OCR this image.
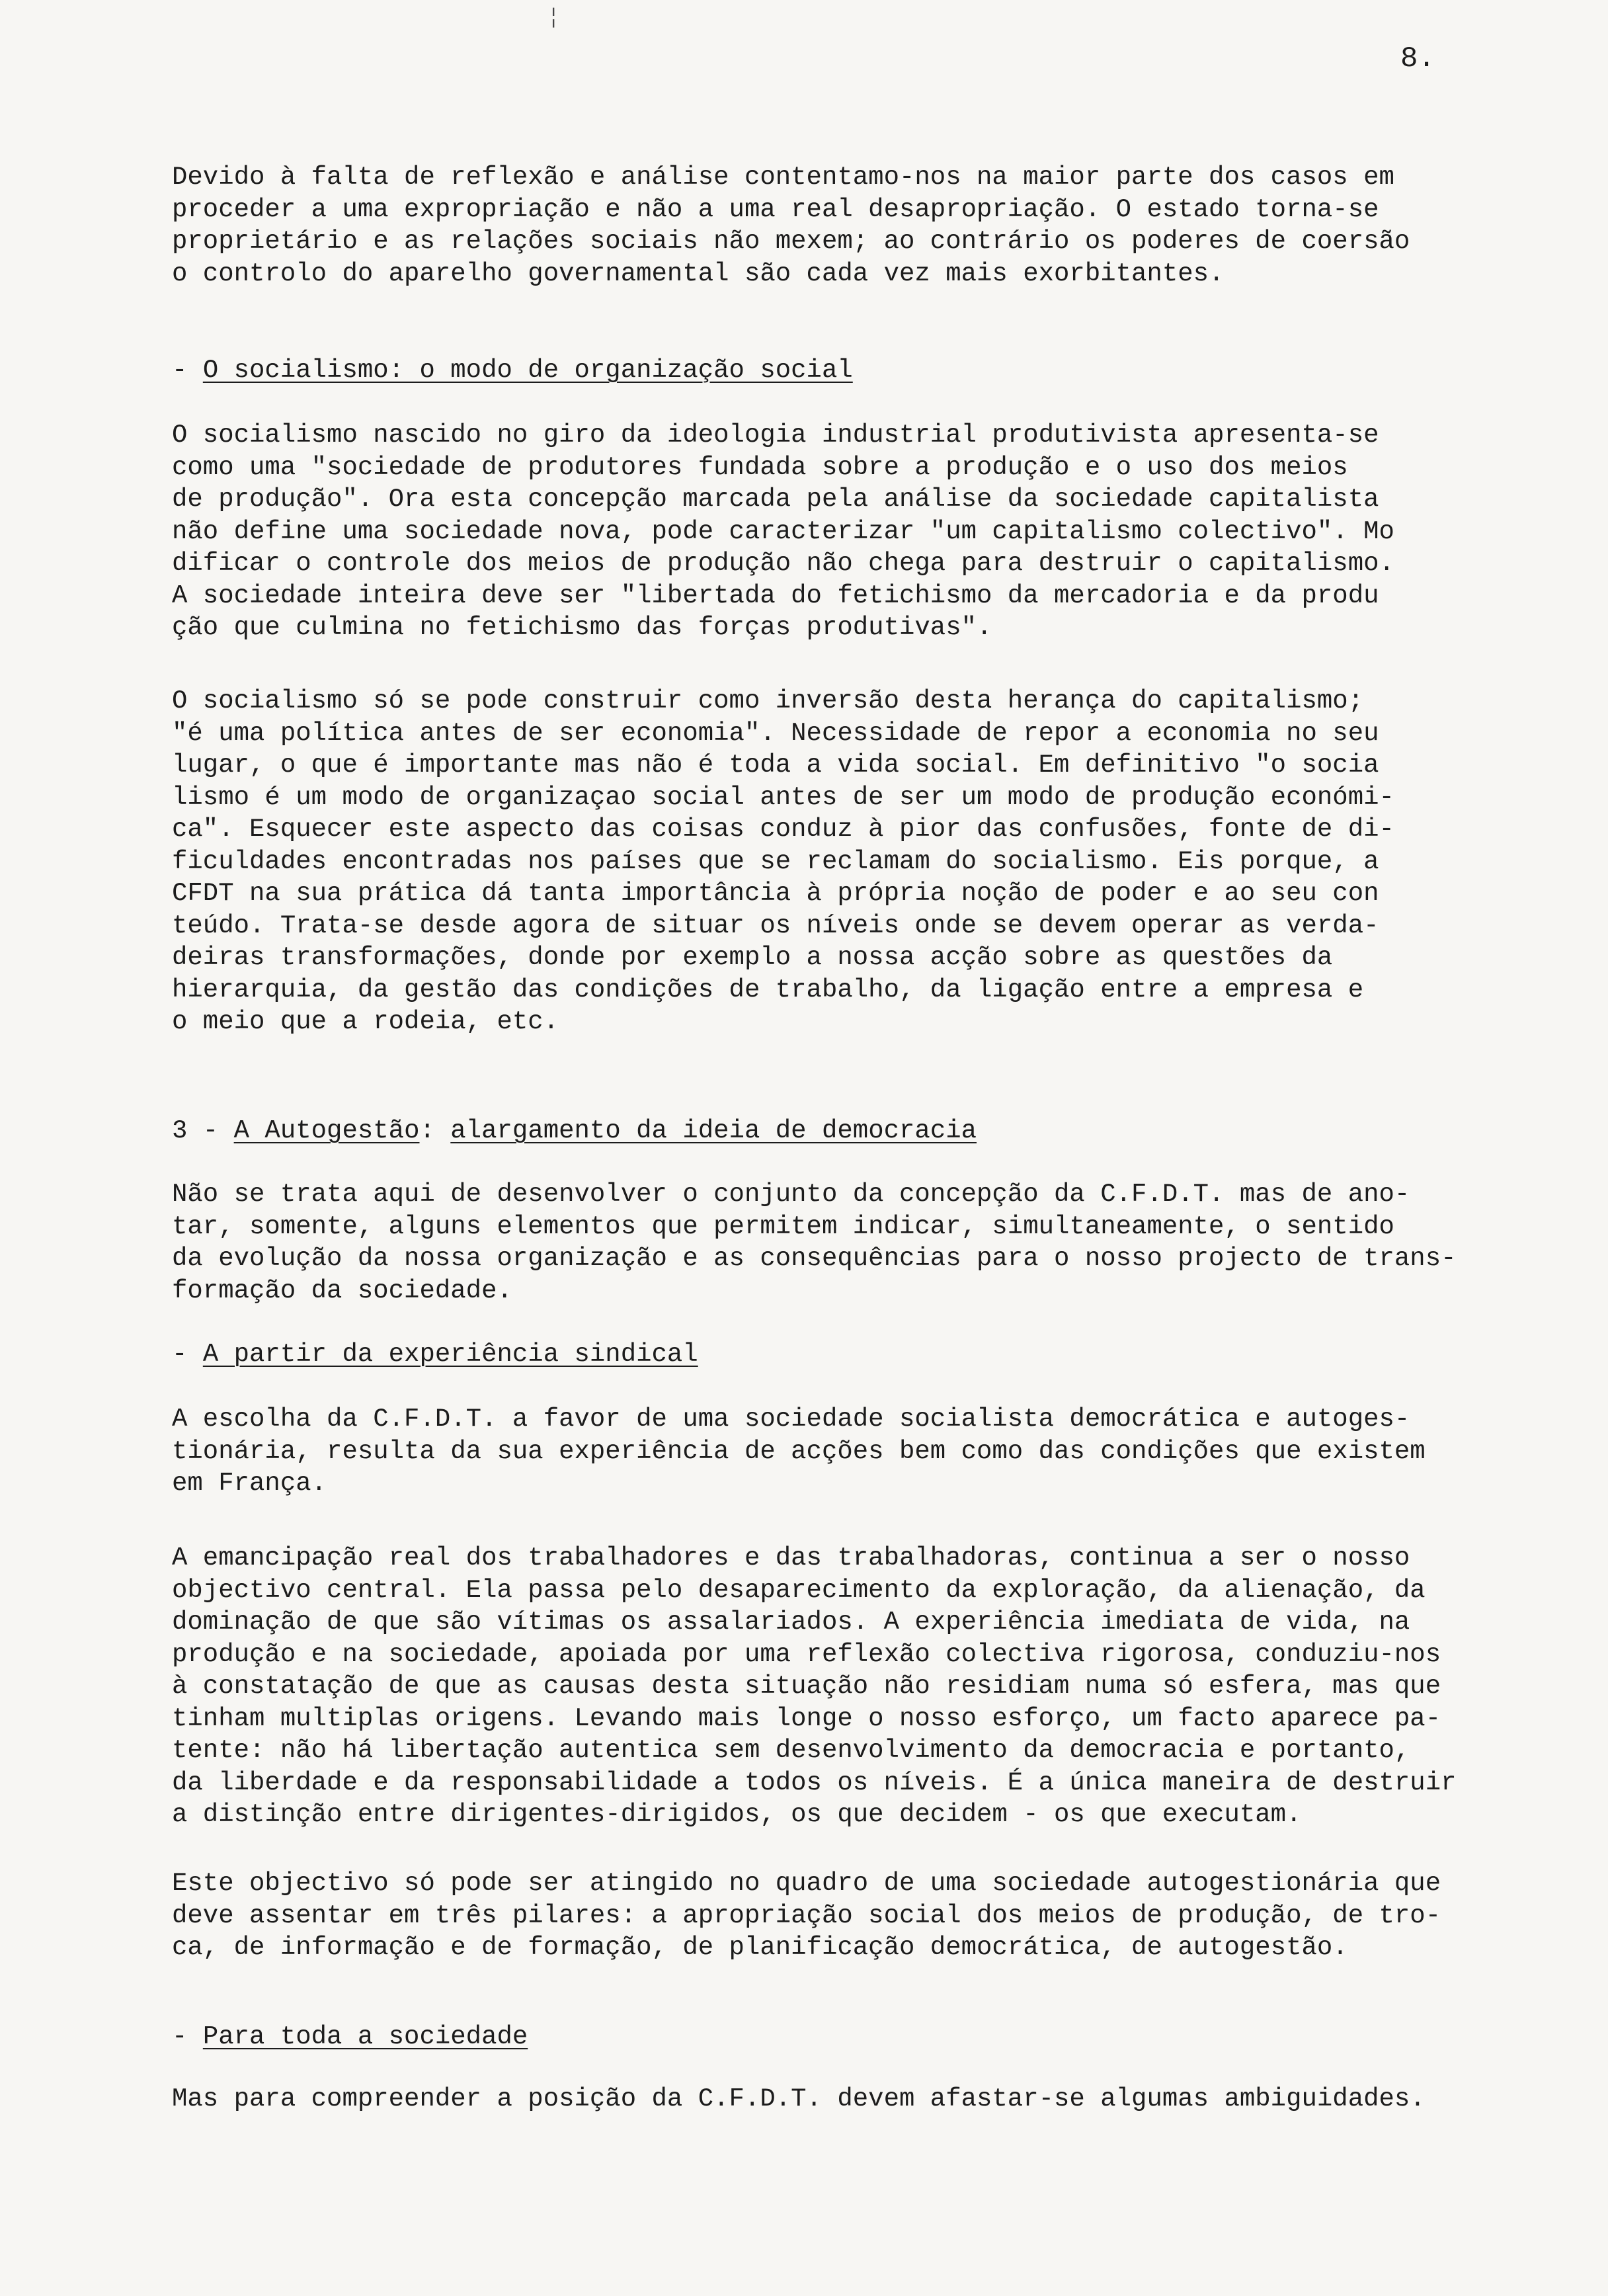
8.
╎

Devido à falta de reflexão e análise contentamo-nos na maior parte dos casos em

proceder a uma expropriação e não a uma real desapropriação. O estado torna-se

proprietário e as relações sociais não mexem; ao contrário os poderes de coersão

o controlo do aparelho governamental são cada vez mais exorbitantes.

- O socialismo: o modo de organização social

O socialismo nascido no giro da ideologia industrial produtivista apresenta-se

como uma "sociedade de produtores fundada sobre a produção e o uso dos meios

de produção". Ora esta concepção marcada pela análise da sociedade capitalista

não define uma sociedade nova, pode caracterizar "um capitalismo colectivo". Mo

dificar o controle dos meios de produção não chega para destruir o capitalismo.

A sociedade inteira deve ser "libertada do fetichismo da mercadoria e da produ

ção que culmina no fetichismo das forças produtivas".

O socialismo só se pode construir como inversão desta herança do capitalismo;

"é uma política antes de ser economia". Necessidade de repor a economia no seu

lugar, o que é importante mas não é toda a vida social. Em definitivo "o socia

lismo é um modo de organizaçao social antes de ser um modo de produção económi-

ca". Esquecer este aspecto das coisas conduz à pior das confusões, fonte de di-

ficuldades encontradas nos países que se reclamam do socialismo. Eis porque, a

CFDT na sua prática dá tanta importância à própria noção de poder e ao seu con

teúdo. Trata-se desde agora de situar os níveis onde se devem operar as verda-

deiras transformações, donde por exemplo a nossa acção sobre as questões da

hierarquia, da gestão das condições de trabalho, da ligação entre a empresa e

o meio que a rodeia, etc.

3 - A Autogestão: alargamento da ideia de democracia

Não se trata aqui de desenvolver o conjunto da concepção da C.F.D.T. mas de ano-

tar, somente, alguns elementos que permitem indicar, simultaneamente, o sentido

da evolução da nossa organização e as consequências para o nosso projecto de trans-

formação da sociedade.

- A partir da experiência sindical

A escolha da C.F.D.T. a favor de uma sociedade socialista democrática e autoges-

tionária, resulta da sua experiência de acções bem como das condições que existem

em França.

A emancipação real dos trabalhadores e das trabalhadoras, continua a ser o nosso

objectivo central. Ela passa pelo desaparecimento da exploração, da alienação, da

dominação de que são vítimas os assalariados. A experiência imediata de vida, na

produção e na sociedade, apoiada por uma reflexão colectiva rigorosa, conduziu-nos

à constatação de que as causas desta situação não residiam numa só esfera, mas que

tinham multiplas origens. Levando mais longe o nosso esforço, um facto aparece pa-

tente: não há libertação autentica sem desenvolvimento da democracia e portanto,

da liberdade e da responsabilidade a todos os níveis. É a única maneira de destruir

a distinção entre dirigentes-dirigidos, os que decidem - os que executam.

Este objectivo só pode ser atingido no quadro de uma sociedade autogestionária que

deve assentar em três pilares: a apropriação social dos meios de produção, de tro-

ca, de informação e de formação, de planificação democrática, de autogestão.

- Para toda a sociedade

Mas para compreender a posição da C.F.D.T. devem afastar-se algumas ambiguidades.
